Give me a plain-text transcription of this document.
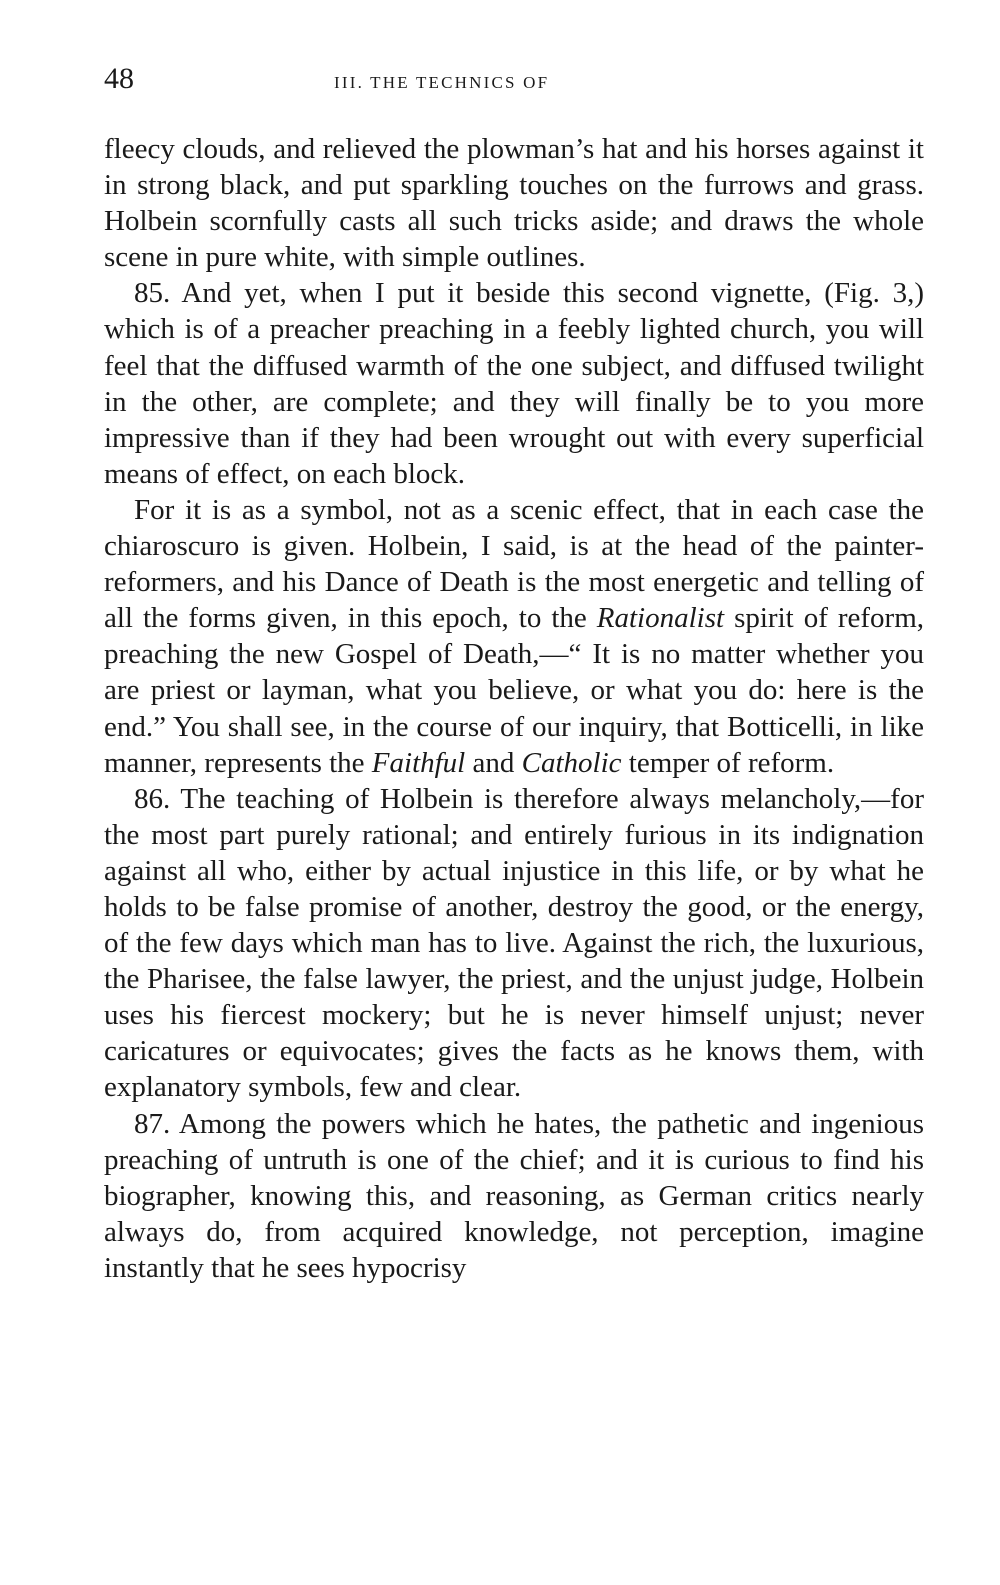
48	III. THE TECHNICS OF

fleecy clouds, and relieved the plowman’s hat and his horses against it in strong black, and put sparkling touches on the furrows and grass. Holbein scornfully casts all such tricks aside; and draws the whole scene in pure white, with simple outlines.

85. And yet, when I put it beside this second vignette, (Fig. 3,) which is of a preacher preaching in a feebly lighted church, you will feel that the diffused warmth of the one subject, and diffused twilight in the other, are complete; and they will finally be to you more impressive than if they had been wrought out with every superficial means of effect, on each block.

For it is as a symbol, not as a scenic effect, that in each case the chiaroscuro is given. Holbein, I said, is at the head of the painter-reformers, and his Dance of Death is the most energetic and telling of all the forms given, in this epoch, to the Rationalist spirit of reform, preaching the new Gospel of Death,—“ It is no matter whether you are priest or layman, what you believe, or what you do: here is the end.” You shall see, in the course of our inquiry, that Botticelli, in like manner, represents the Faithful and Catholic temper of reform.

86. The teaching of Holbein is therefore always melancholy,—for the most part purely rational; and entirely furious in its indignation against all who, either by actual injustice in this life, or by what he holds to be false promise of another, destroy the good, or the energy, of the few days which man has to live. Against the rich, the luxurious, the Pharisee, the false lawyer, the priest, and the unjust judge, Holbein uses his fiercest mockery; but he is never himself unjust; never caricatures or equivocates; gives the facts as he knows them, with explanatory symbols, few and clear.

87. Among the powers which he hates, the pathetic and ingenious preaching of untruth is one of the chief; and it is curious to find his biographer, knowing this, and reasoning, as German critics nearly always do, from acquired knowledge, not perception, imagine instantly that he sees hypocrisy
